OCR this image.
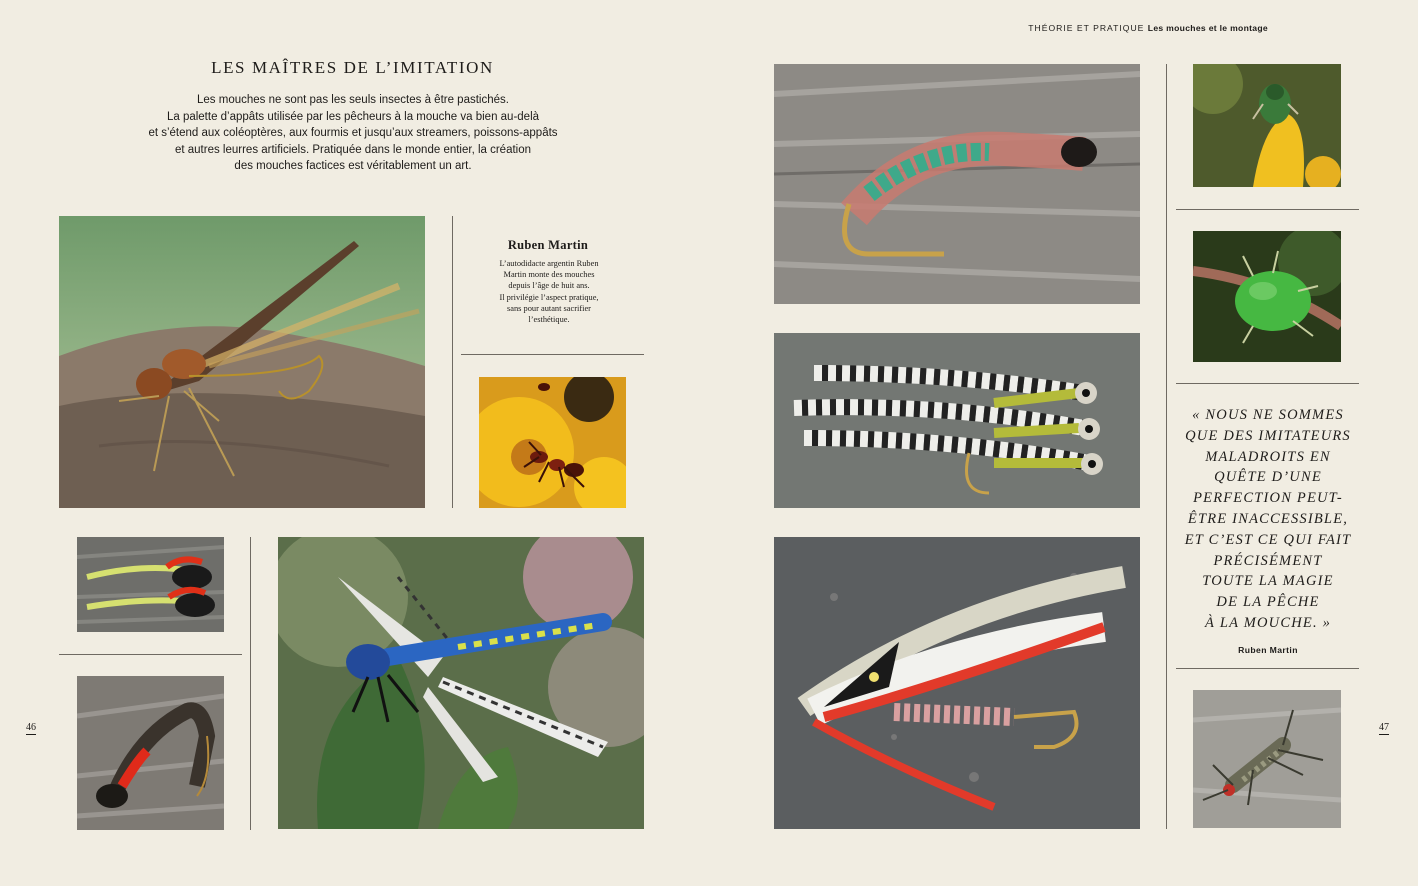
THÉORIE ET PRATIQUE Les mouches et le montage
LES MAÎTRES DE L’IMITATION
Les mouches ne sont pas les seuls insectes à être pastichés.
La palette d’appâts utilisée par les pêcheurs à la mouche va bien au-delà
et s’étend aux coléoptères, aux fourmis et jusqu’aux streamers, poissons-appâts
et autres leurres artificiels. Pratiquée dans le monde entier, la création
des mouches factices est véritablement un art.
Ruben Martin
L’autodidacte argentin Ruben
Martin monte des mouches
depuis l’âge de huit ans.
Il privilégie l’aspect pratique,
sans pour autant sacrifier
l’esthétique.
« NOUS NE SOMMES
QUE DES IMITATEURS
MALADROITS EN
QUÊTE D’UNE
PERFECTION PEUT-
ÊTRE INACCESSIBLE,
ET C’EST CE QUI FAIT
PRÉCISÉMENT
TOUTE LA MAGIE
DE LA PÊCHE
À LA MOUCHE. »
Ruben Martin
46	47
